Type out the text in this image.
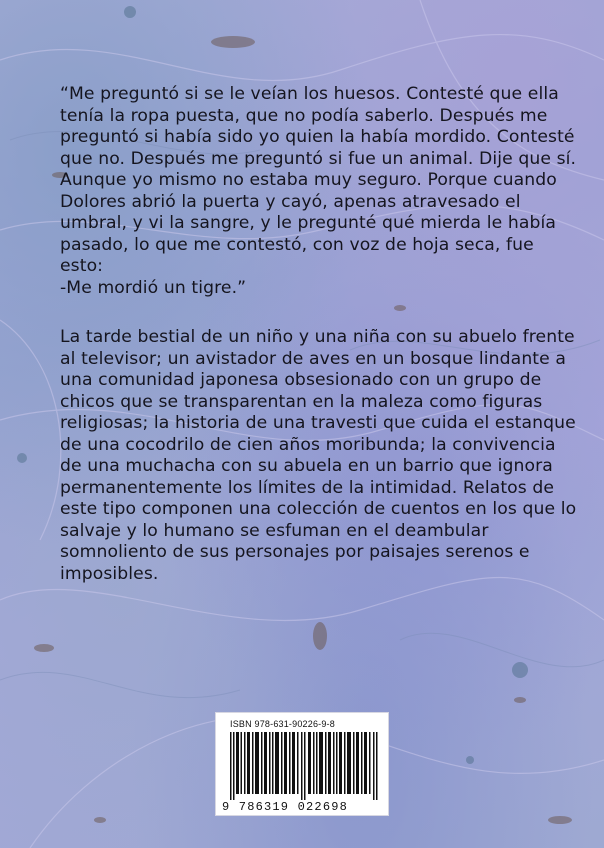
“Me preguntó si se le veían los huesos. Contesté que ella tenía la ropa puesta, que no podía saberlo. Después me preguntó si había sido yo quien la había mordido. Contesté que no. Después me preguntó si fue un animal. Dije que sí. Aunque yo mismo no estaba muy seguro. Porque cuando Dolores abrió la puerta y cayó, apenas atravesado el umbral, y vi la sangre, y le pregunté qué mierda le había pasado, lo que me contestó, con voz de hoja seca, fue esto:

-Me mordió un tigre.”

La tarde bestial de un niño y una niña con su abuelo frente al televisor; un avistador de aves en un bosque lindante a una comunidad japonesa obsesionado con un grupo de chicos que se transparentan en la maleza como figuras religiosas; la historia de una travesti que cuida el estanque de una cocodrilo de cien años moribunda; la convivencia de una muchacha con su abuela en un barrio que ignora permanentemente los límites de la intimidad. Relatos de este tipo componen una colección de cuentos en los que lo salvaje y lo humano se esfuman en el deambular somnoliento de sus personajes por paisajes serenos e imposibles.

ISBN 978-631-90226-9-8
9 786319 022698
